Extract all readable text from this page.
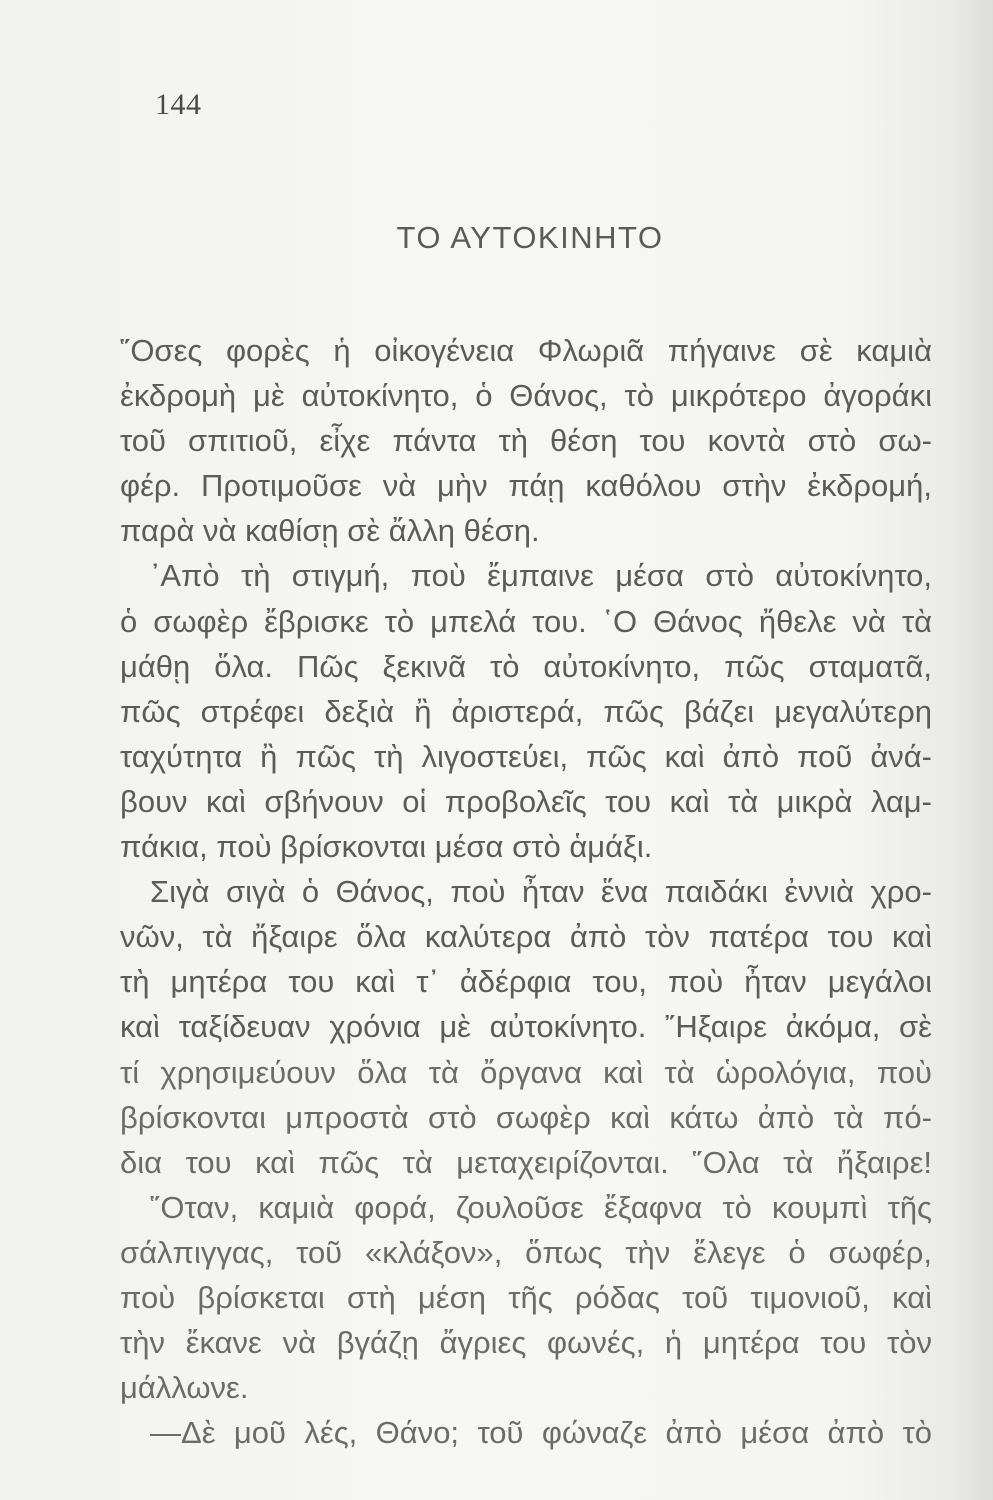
144
ΤΟ ΑΥΤΟΚΙΝΗΤΟ
῞Οσες φορὲς ἡ οἰκογένεια Φλωριᾶ πήγαινε σὲ καμιὰ
ἐκδρομὴ μὲ αὐτοκίνητο, ὁ Θάνος, τὸ μικρότερο ἀγοράκι
τοῦ σπιτιοῦ, εἶχε πάντα τὴ θέση του κοντὰ στὸ σω-
φέρ. Προτιμοῦσε νὰ μὴν πάῃ καθόλου στὴν ἐκδρομή,
παρὰ νὰ καθίσῃ σὲ ἄλλη θέση.
᾿Απὸ τὴ στιγμή, ποὺ ἔμπαινε μέσα στὸ αὐτοκίνητο,
ὁ σωφὲρ ἔβρισκε τὸ μπελά του. ῾Ο Θάνος ἤθελε νὰ τὰ
μάθῃ ὅλα. Πῶς ξεκινᾶ τὸ αὐτοκίνητο, πῶς σταματᾶ,
πῶς στρέφει δεξιὰ ἢ ἀριστερά, πῶς βάζει μεγαλύτερη
ταχύτητα ἢ πῶς τὴ λιγοστεύει, πῶς καὶ ἀπὸ ποῦ ἀνά-
βουν καὶ σβήνουν οἱ προβολεῖς του καὶ τὰ μικρὰ λαμ-
πάκια, ποὺ βρίσκονται μέσα στὸ ἁμάξι.
Σιγὰ σιγὰ ὁ Θάνος, ποὺ ἦταν ἕνα παιδάκι ἐννιὰ χρο-
νῶν, τὰ ἤξαιρε ὅλα καλύτερα ἀπὸ τὸν πατέρα του καὶ
τὴ μητέρα του καὶ τ᾿ ἀδέρφια του, ποὺ ἦταν μεγάλοι
καὶ ταξίδευαν χρόνια μὲ αὐτοκίνητο. ῎Ηξαιρε ἀκόμα, σὲ
τί χρησιμεύουν ὅλα τὰ ὄργανα καὶ τὰ ὡρολόγια, ποὺ
βρίσκονται μπροστὰ στὸ σωφὲρ καὶ κάτω ἀπὸ τὰ πό-
δια του καὶ πῶς τὰ μεταχειρίζονται. ῞Ολα τὰ ἤξαιρε!
῞Οταν, καμιὰ φορά, ζουλοῦσε ἔξαφνα τὸ κουμπὶ τῆς
σάλπιγγας, τοῦ «κλάξον», ὅπως τὴν ἔλεγε ὁ σωφέρ,
ποὺ βρίσκεται στὴ μέση τῆς ρόδας τοῦ τιμονιοῦ, καὶ
τὴν ἔκανε νὰ βγάζῃ ἄγριες φωνές, ἡ μητέρα του τὸν
μάλλωνε.
—Δὲ μοῦ λές, Θάνο; τοῦ φώναζε ἀπὸ μέσα ἀπὸ τὸ
